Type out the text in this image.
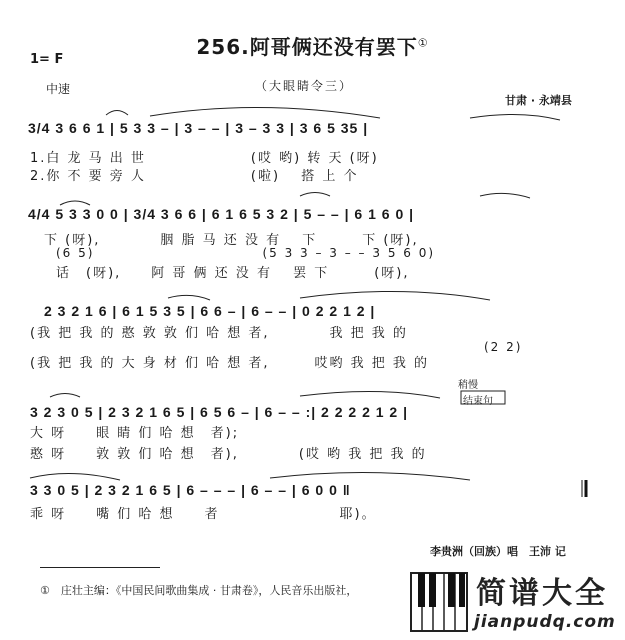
256.阿哥俩还没有罢下①
1= F
中速	（大眼睛令三）
甘肃 · 永靖县
3/4 3 6 6 1 | 5 3 3 – | 3 – – | 3 – 3 3 | 3 6 5 35 |
1.白 龙 马 出 世　　　　　　　(哎 哟) 转 天 (呀)
2.你 不 要 旁 人　　　　　　　(啦)　 搭 上 个
4/4 5 3 3 0 0 | 3/4 3 6 6 | 6 1 6 5 3 2 | 5 – – | 6 1 6 0 |
下 (呀),　　　　胭 脂 马 还 没 有　 下　　　下 (呀),
(6 5)　　　　　　　　　　　　(5 3 3 – 3 – – 3 5 6 0)
话　(呀),　　阿 哥 俩 还 没 有　 罢 下　　　(呀),
2 3 2 1 6 | 6 1 5 3 5 | 6 6 – | 6 – – | 0 2 2 1 2 |
(我 把 我 的 憨 敦 敦 们 哈 想 者,　　　　我 把 我 的
(2 2)
(我 把 我 的 大 身 材 们 哈 想 者,　　　哎哟 我 把 我 的
稍慢
结束句
3 2 3 0 5 | 2 3 2 1 6 5 | 6 5 6 – | 6 – – :| 2 2 2 2 1 2 |
大 呀　　眼 睛 们 哈 想　者);
憨 呀　　敦 敦 们 哈 想　者),　　　　(哎 哟 我 把 我 的
3 3 0 5 | 2 3 2 1 6 5 | 6 – – – | 6 – – | 6 0 0 ‖
乖 呀　　嘴 们 哈 想　　者　　　　　　　　耶)。
李贵洲（回族）唱　王沛 记
①　庄壮主编：《中国民间歌曲集成 · 甘肃卷》，人民音乐出版社，	简谱大全
jianpudq.com
